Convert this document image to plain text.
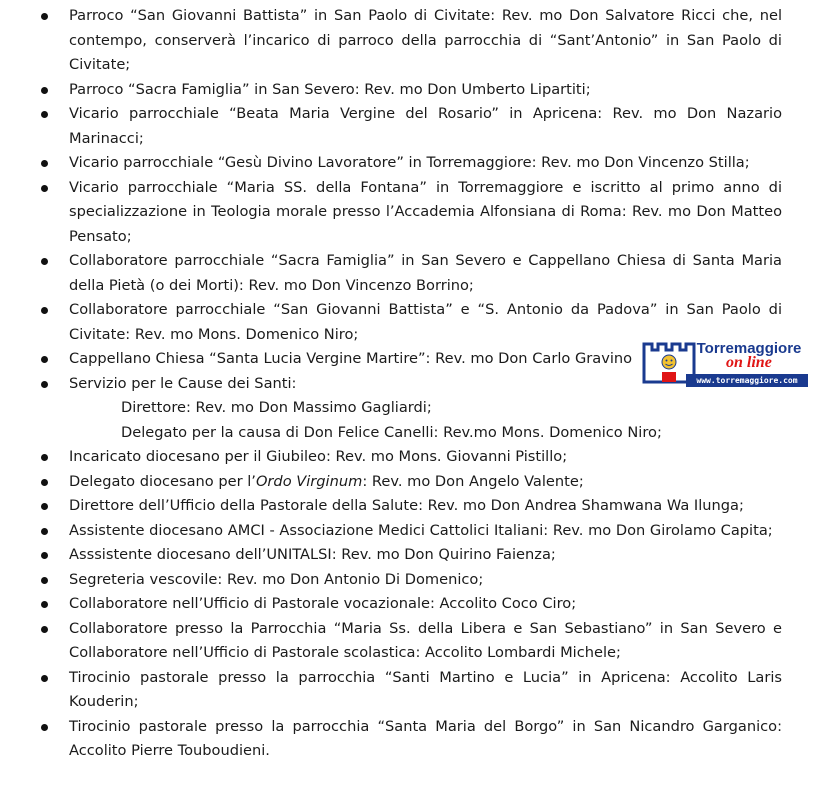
Parroco “San Giovanni Battista” in San Paolo di Civitate: Rev. mo Don Salvatore Ricci che, nel contempo, conserverà l’incarico di parroco della parrocchia di “Sant’Antonio” in San Paolo di Civitate;
Parroco “Sacra Famiglia” in San Severo: Rev. mo Don Umberto Lipartiti;
Vicario parrocchiale “Beata Maria Vergine del Rosario” in Apricena: Rev. mo Don Nazario Marinacci;
Vicario parrocchiale “Gesù Divino Lavoratore” in Torremaggiore: Rev. mo Don Vincenzo Stilla;
Vicario parrocchiale “Maria SS. della Fontana” in Torremaggiore e iscritto al primo anno di specializzazione in Teologia morale presso l’Accademia Alfonsiana di Roma: Rev. mo Don Matteo Pensato;
Collaboratore parrocchiale “Sacra Famiglia” in San Severo e Cappellano Chiesa di Santa Maria della Pietà (o dei Morti): Rev. mo Don Vincenzo Borrino;
Collaboratore parrocchiale “San Giovanni Battista” e “S. Antonio da Padova” in San Paolo di Civitate: Rev. mo Mons. Domenico Niro;
Cappellano Chiesa “Santa Lucia Vergine Martire”: Rev. mo Don Carlo Gravino
Servizio per le Cause dei Santi:
Direttore: Rev. mo Don Massimo Gagliardi;
Delegato per la causa di Don Felice Canelli: Rev.mo Mons. Domenico Niro;
Incaricato diocesano per il Giubileo: Rev. mo Mons. Giovanni Pistillo;
Delegato diocesano per l’Ordo Virginum: Rev. mo Don Angelo Valente;
Direttore dell’Ufficio della Pastorale della Salute: Rev. mo Don Andrea Shamwana Wa Ilunga;
Assistente diocesano AMCI - Associazione Medici Cattolici Italiani: Rev. mo Don Girolamo Capita;
Asssistente diocesano dell’UNITALSI: Rev. mo Don Quirino Faienza;
Segreteria vescovile: Rev. mo Don Antonio Di Domenico;
Collaboratore nell’Ufficio di Pastorale vocazionale: Accolito Coco Ciro;
Collaboratore presso la Parrocchia “Maria Ss. della Libera e San Sebastiano” in San Severo e Collaboratore nell’Ufficio di Pastorale scolastica: Accolito Lombardi Michele;
Tirocinio pastorale presso la parrocchia “Santi Martino e Lucia” in Apricena: Accolito Laris Kouderin;
Tirocinio pastorale presso la parrocchia “Santa Maria del Borgo” in San Nicandro Garganico: Accolito Pierre Touboudieni.
Torremaggiore
on line
www.torremaggiore.com
